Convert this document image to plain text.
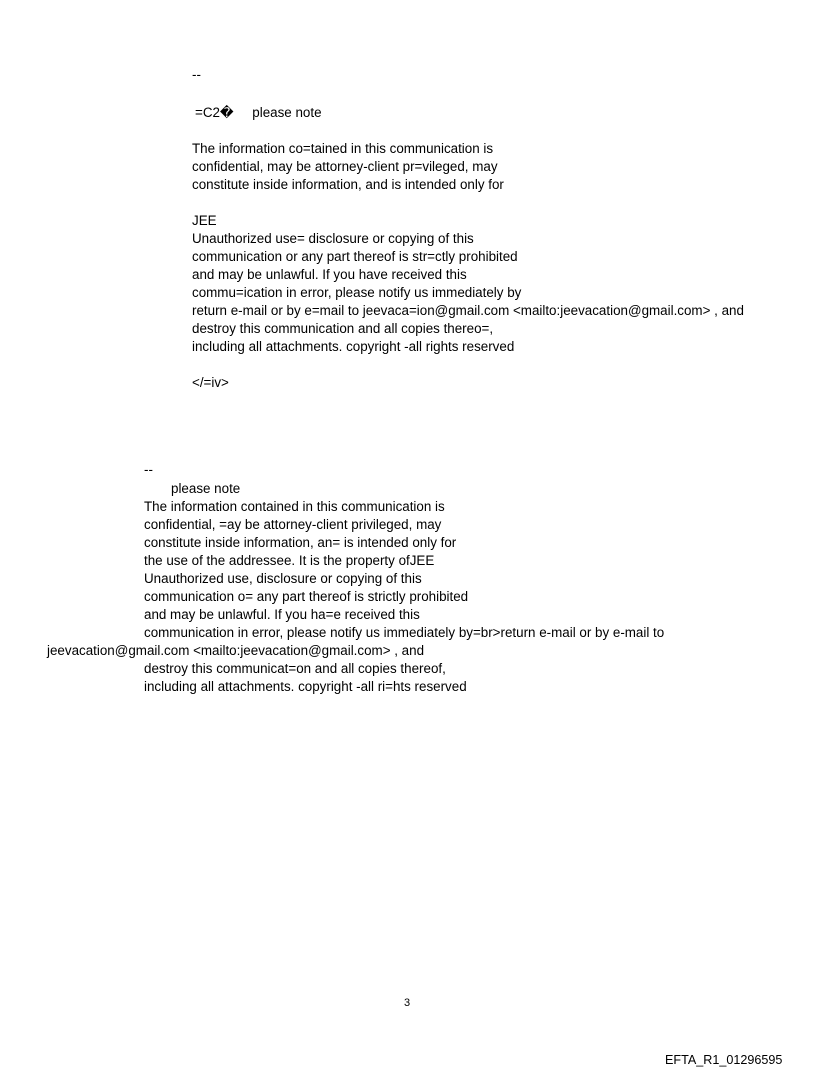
--
=C2�     please note
The information co=tained in this communication is
confidential, may be attorney-client pr=vileged, may
constitute inside information, and is intended only for
JEE
Unauthorized use= disclosure or copying of this
communication or any part thereof is str=ctly prohibited
and may be unlawful. If you have received this
commu=ication in error, please notify us immediately by
return e-mail or by e=mail to jeevaca=ion@gmail.com <mailto:jeevacation@gmail.com> , and
destroy this communication and all copies thereo=,
including all attachments. copyright -all rights reserved
</=iv>
--
please note
The information contained in this communication is
confidential, =ay be attorney-client privileged, may
constitute inside information, an= is intended only for
the use of the addressee. It is the property ofJEE
Unauthorized use, disclosure or copying of this
communication o= any part thereof is strictly prohibited
and may be unlawful. If you ha=e received this
communication in error, please notify us immediately by=br>return e-mail or by e-mail to
jeevacation@gmail.com <mailto:jeevacation@gmail.com> , and
destroy this communicat=on and all copies thereof,
including all attachments. copyright -all ri=hts reserved
3
EFTA_R1_01296595
